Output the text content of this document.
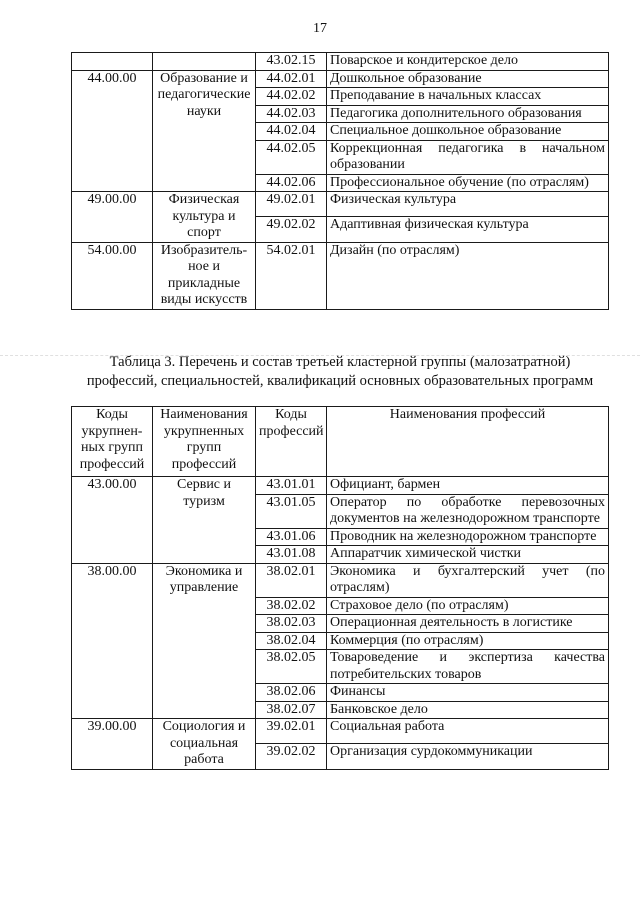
17
		43.02.15	Поварское и кондитерское дело
44.00.00	Образование и педагогические науки	44.02.01	Дошкольное образование
		44.02.02	Преподавание в начальных классах
		44.02.03	Педагогика дополнительного образования
		44.02.04	Специальное дошкольное образование
		44.02.05	Коррекционная педагогика в начальном образовании
		44.02.06	Профессиональное обучение (по отраслям)
49.00.00	Физическая культура и спорт	49.02.01	Физическая культура
		49.02.02	Адаптивная физическая культура
54.00.00	Изобразитель-ное и прикладные виды искусств	54.02.01	Дизайн (по отраслям)
Таблица 3. Перечень и состав третьей кластерной группы (малозатратной)
профессий, специальностей, квалификаций основных образовательных программ
Коды укрупнен-ных групп профессий	Наименования укрупненных групп профессий	Коды профессий	Наименования профессий
43.00.00	Сервис и туризм	43.01.01	Официант, бармен
		43.01.05	Оператор по обработке перевозочных документов на железнодорожном транспорте
		43.01.06	Проводник на железнодорожном транспорте
		43.01.08	Аппаратчик химической чистки
38.00.00	Экономика и управление	38.02.01	Экономика и бухгалтерский учет (по отраслям)
		38.02.02	Страховое дело (по отраслям)
		38.02.03	Операционная деятельность в логистике
		38.02.04	Коммерция (по отраслям)
		38.02.05	Товароведение и экспертиза качества потребительских товаров
		38.02.06	Финансы
		38.02.07	Банковское дело
39.00.00	Социология и социальная работа	39.02.01	Социальная работа
		39.02.02	Организация сурдокоммуникации
